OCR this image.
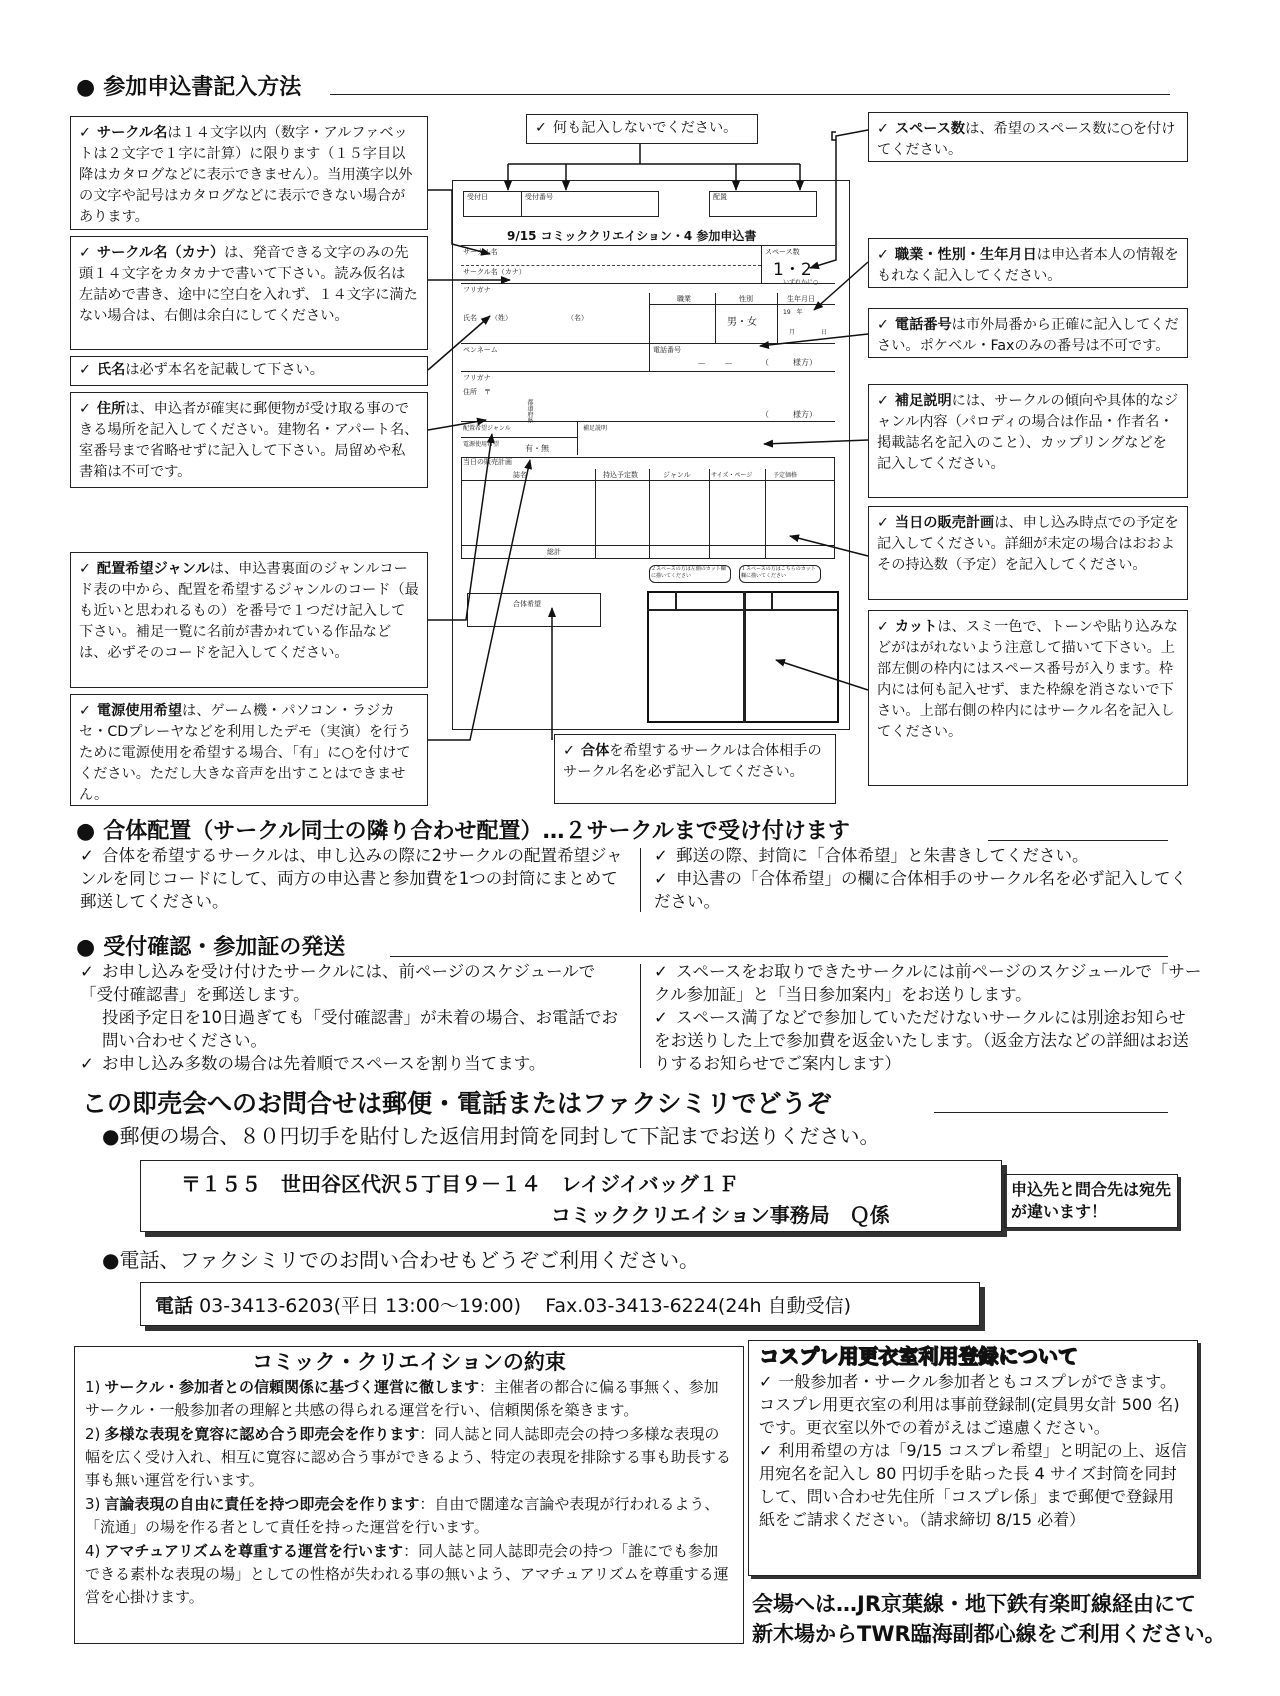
● 参加申込書記入方法
✓ サークル名は１４文字以内（数字・アルファベットは２文字で１字に計算）に限ります（１５字目以降はカタログなどに表示できません）。当用漢字以外の文字や記号はカタログなどに表示できない場合があります。
✓ サークル名（カナ）は、発音できる文字のみの先頭１４文字をカタカナで書いて下さい。読み仮名は左詰めで書き、途中に空白を入れず、１４文字に満たない場合は、右側は余白にしてください。
✓ 氏名は必ず本名を記載して下さい。
✓ 住所は、申込者が確実に郵便物が受け取る事のできる場所を記入してください。建物名・アパート名、室番号まで省略せずに記入して下さい。局留めや私書箱は不可です。
✓ 配置希望ジャンルは、申込書裏面のジャンルコード表の中から、配置を希望するジャンルのコード（最も近いと思われるもの）を番号で１つだけ記入して下さい。補足一覧に名前が書かれている作品などは、必ずそのコードを記入してください。
✓ 電源使用希望は、ゲーム機・パソコン・ラジカセ・CDプレーヤなどを利用したデモ（実演）を行うために電源使用を希望する場合、「有」に○を付けてください。ただし大きな音声を出すことはできません。
✓ 何も記入しないでください。	✓ スペース数は、希望のスペース数に○を付けてください。
✓ 職業・性別・生年月日は申込者本人の情報をもれなく記入してください。
✓ 電話番号は市外局番から正確に記入してください。ポケベル・Faxのみの番号は不可です。
✓ 補足説明には、サークルの傾向や具体的なジャンル内容（パロディの場合は作品・作者名・掲載誌名を記入のこと）、カップリングなどを記入してください。
✓ 当日の販売計画は、申し込み時点での予定を記入してください。詳細が未定の場合はおおよその持込数（予定）を記入してください。
✓ カットは、スミ一色で、トーンや貼り込みなどがはがれないよう注意して描いて下さい。上部左側の枠内にはスペース番号が入ります。枠内には何も記入せず、また枠線を消さないで下さい。上部右側の枠内にはサークル名を記入してください。
✓ 合体を希望するサークルは合体相手のサークル名を必ず記入してください。
受付日	受付番号	配置
9/15 コミッククリエイション・4 参加申込書
サークル名
サークル名（カナ）
スペース数
1・2
いずれかに○
フリガナ
氏名 （姓）	（名）
職業	性別	生年月日
男・女
19　年
月	日
ペンネーム	電話番号
－　　－	（　　　様方）
フリガナ
住所　〒
都道府県	（　　　様方）
配置希望ジャンル	補足説明
電源使用希望	有・無
当日の販売計画
誌名	持込予定数	ジャンル	サイズ・ページ	予定価格
総計
２スペースの方は左側のカット欄に描いてください
１スペースの方はこちらのカット欄に描いてください
合体希望
● 合体配置（サークル同士の隣り合わせ配置）…２サークルまで受け付けます
✓ 合体を希望するサークルは、申し込みの際に2サークルの配置希望ジャンルを同じコードにして、両方の申込書と参加費を1つの封筒にまとめて郵送してください。
✓ 郵送の際、封筒に「合体希望」と朱書きしてください。
✓ 申込書の「合体希望」の欄に合体相手のサークル名を必ず記入してください。
● 受付確認・参加証の発送
✓ お申し込みを受け付けたサークルには、前ページのスケジュールで「受付確認書」を郵送します。
投函予定日を10日過ぎても「受付確認書」が未着の場合、お電話でお問い合わせください。
✓ お申し込み多数の場合は先着順でスペースを割り当てます。
✓ スペースをお取りできたサークルには前ページのスケジュールで「サークル参加証」と「当日参加案内」をお送りします。
✓ スペース満了などで参加していただけないサークルには別途お知らせをお送りした上で参加費を返金いたします。（返金方法などの詳細はお送りするお知らせでご案内します）
この即売会へのお問合せは郵便・電話またはファクシミリでどうぞ
●郵便の場合、８０円切手を貼付した返信用封筒を同封して下記までお送りください。
〒１５５　世田谷区代沢５丁目９－１４　レイジイバッグ１Ｆ
コミッククリエイション事務局　Ｑ係
申込先と問合先は宛先が違います！
●電話、ファクシミリでのお問い合わせもどうぞご利用ください。
電話 03-3413-6203(平日 13:00〜19:00) Fax.03-3413-6224(24h 自動受信)
コミック・クリエイションの約束
1) サークル・参加者との信頼関係に基づく運営に徹します：主催者の都合に偏る事無く、参加サークル・一般参加者の理解と共感の得られる運営を行い、信頼関係を築きます。
2) 多様な表現を寛容に認め合う即売会を作ります：同人誌と同人誌即売会の持つ多様な表現の幅を広く受け入れ、相互に寛容に認め合う事ができるよう、特定の表現を排除する事も助長する事も無い運営を行います。
3) 言論表現の自由に責任を持つ即売会を作ります：自由で闊達な言論や表現が行われるよう、「流通」の場を作る者として責任を持った運営を行います。
4) アマチュアリズムを尊重する運営を行います：同人誌と同人誌即売会の持つ「誰にでも参加できる素朴な表現の場」としての性格が失われる事の無いよう、アマチュアリズムを尊重する運営を心掛けます。
コスプレ用更衣室利用登録について
✓ 一般参加者・サークル参加者ともコスプレができます。コスプレ用更衣室の利用は事前登録制(定員男女計 500 名)です。更衣室以外での着がえはご遠慮ください。
✓ 利用希望の方は「9/15 コスプレ希望」と明記の上、返信用宛名を記入し 80 円切手を貼った長 4 サイズ封筒を同封して、問い合わせ先住所「コスプレ係」まで郵便で登録用紙をご請求ください。（請求締切 8/15 必着）
会場へは…JR京葉線・地下鉄有楽町線経由にて
新木場からTWR臨海副都心線をご利用ください。
